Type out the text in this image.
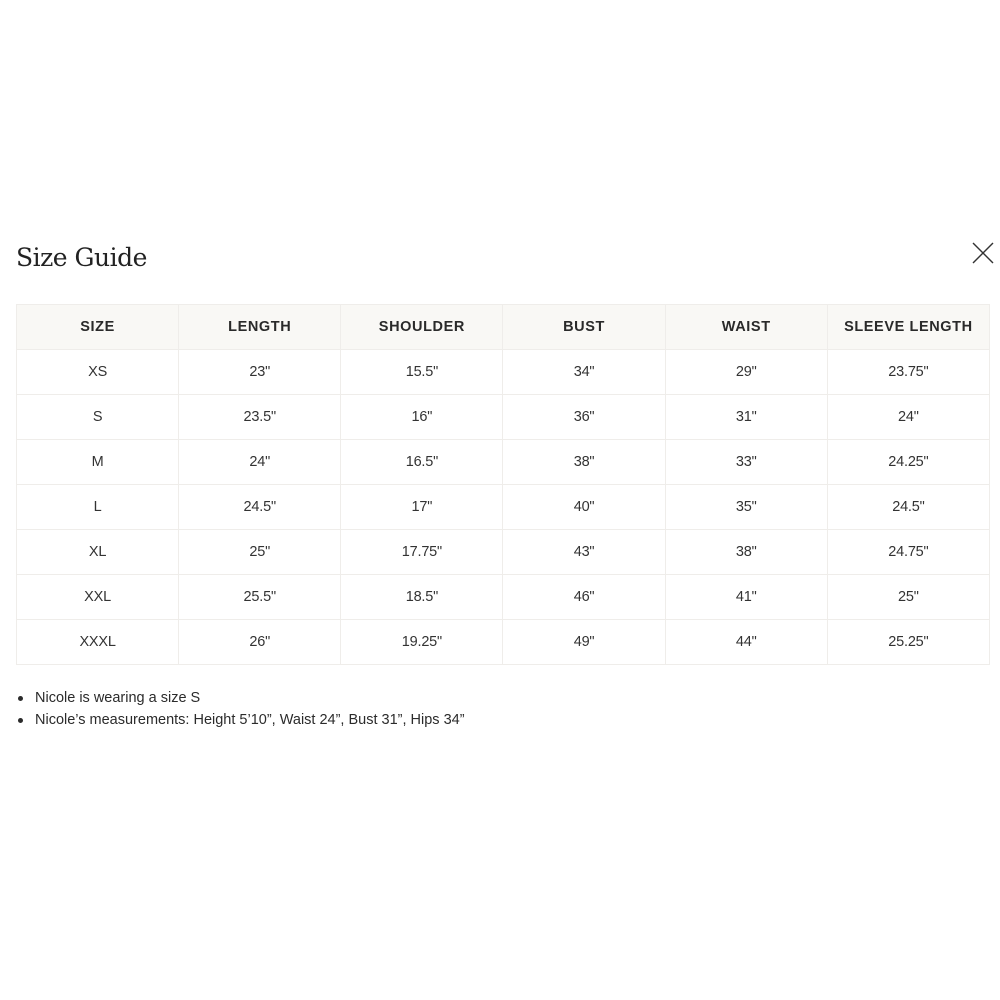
Size Guide
SIZE	LENGTH	SHOULDER	BUST	WAIST	SLEEVE LENGTH
XS	23"	15.5"	34"	29"	23.75"
S	23.5"	16"	36"	31"	24"
M	24"	16.5"	38"	33"	24.25"
L	24.5"	17"	40"	35"	24.5"
XL	25"	17.75"	43"	38"	24.75"
XXL	25.5"	18.5"	46"	41"	25"
XXXL	26"	19.25"	49"	44"	25.25"
Nicole is wearing a size S
Nicole’s measurements: Height 5’10”, Waist 24”, Bust 31”, Hips 34”
